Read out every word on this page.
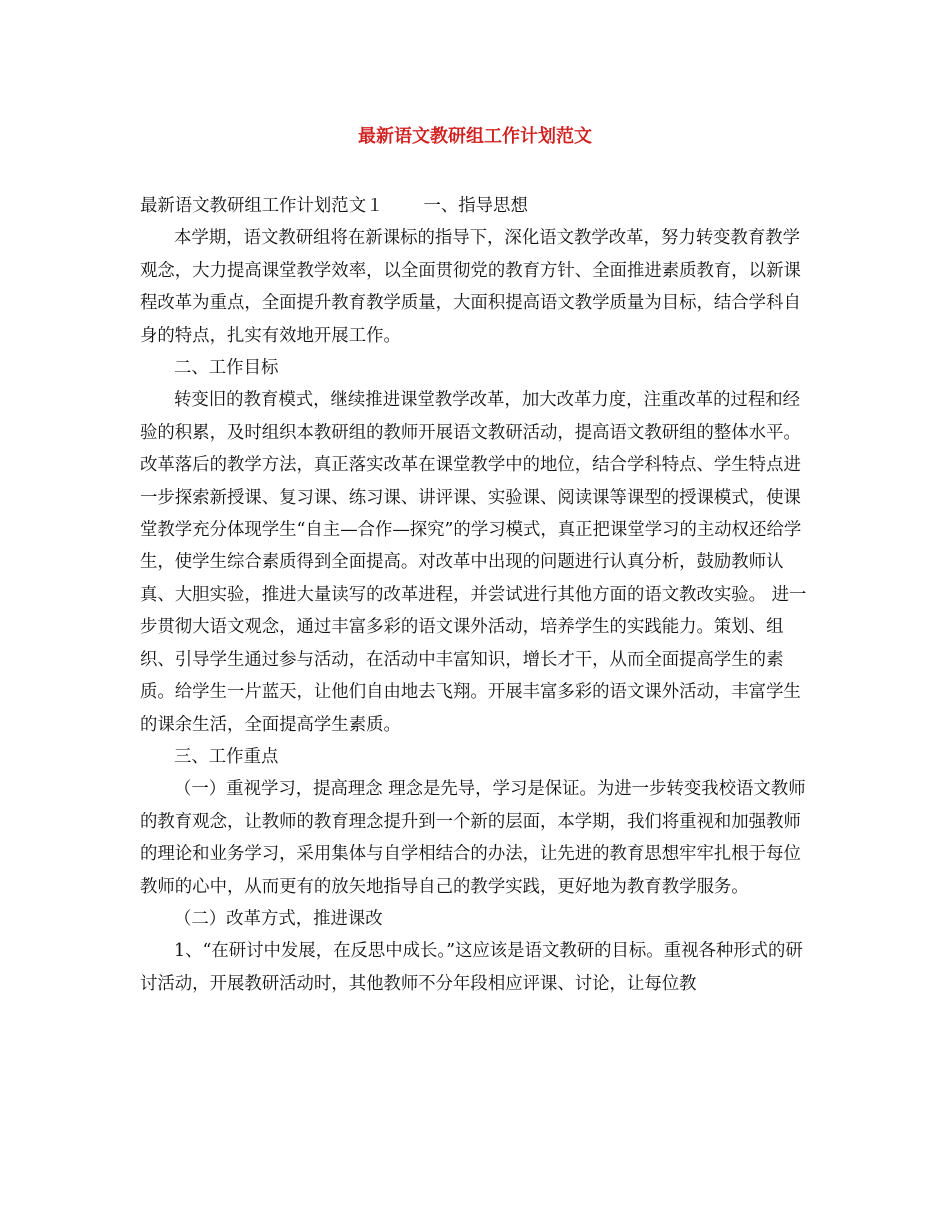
最新语文教研组工作计划范文

最新语文教研组工作计划范文１ 一、指导思想

本学期，语文教研组将在新课标的指导下，深化语文教学改革，努力转变教育教学观念，大力提高课堂教学效率，以全面贯彻党的教育方针、全面推进素质教育，以新课程改革为重点，全面提升教育教学质量，大面积提高语文教学质量为目标，结合学科自身的特点，扎实有效地开展工作。

二、工作目标

转变旧的教育模式，继续推进课堂教学改革，加大改革力度，注重改革的过程和经验的积累，及时组织本教研组的教师开展语文教研活动，提高语文教研组的整体水平。改革落后的教学方法，真正落实改革在课堂教学中的地位，结合学科特点、学生特点进一步探索新授课、复习课、练习课、讲评课、实验课、阅读课等课型的授课模式，使课堂教学充分体现学生“自主—合作—探究”的学习模式，真正把课堂学习的主动权还给学生，使学生综合素质得到全面提高。对改革中出现的问题进行认真分析，鼓励教师认真、大胆实验，推进大量读写的改革进程，并尝试进行其他方面的语文教改实验。 进一步贯彻大语文观念，通过丰富多彩的语文课外活动，培养学生的实践能力。策划、组织、引导学生通过参与活动，在活动中丰富知识，增长才干，从而全面提高学生的素质。给学生一片蓝天，让他们自由地去飞翔。开展丰富多彩的语文课外活动，丰富学生的课余生活，全面提高学生素质。

三、工作重点

（一）重视学习，提高理念 理念是先导，学习是保证。为进一步转变我校语文教师的教育观念，让教师的教育理念提升到一个新的层面，本学期，我们将重视和加强教师的理论和业务学习，采用集体与自学相结合的办法，让先进的教育思想牢牢扎根于每位教师的心中，从而更有的放矢地指导自己的教学实践，更好地为教育教学服务。

（二）改革方式，推进课改

1、“在研讨中发展，在反思中成长。”这应该是语文教研的目标。重视各种形式的研讨活动，开展教研活动时，其他教师不分年段相应评课、讨论，让每位教
